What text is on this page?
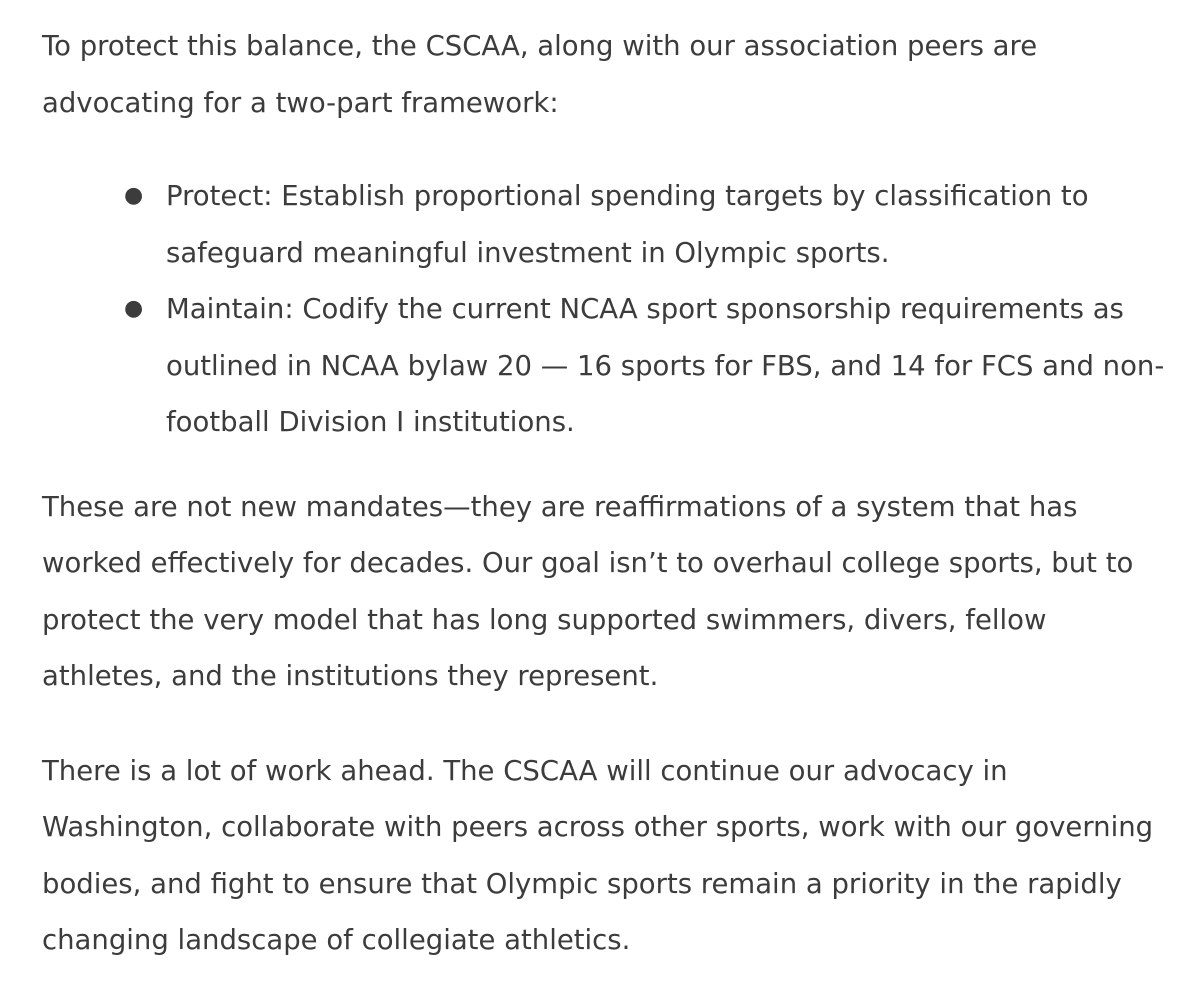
To protect this balance, the CSCAA, along with our association peers are advocating for a two-part framework:

● Protect: Establish proportional spending targets by classification to safeguard meaningful investment in Olympic sports.
● Maintain: Codify the current NCAA sport sponsorship requirements as outlined in NCAA bylaw 20 — 16 sports for FBS, and 14 for FCS and non-football Division I institutions.

These are not new mandates—they are reaffirmations of a system that has worked effectively for decades. Our goal isn’t to overhaul college sports, but to protect the very model that has long supported swimmers, divers, fellow athletes, and the institutions they represent.

There is a lot of work ahead. The CSCAA will continue our advocacy in Washington, collaborate with peers across other sports, work with our governing bodies, and fight to ensure that Olympic sports remain a priority in the rapidly changing landscape of collegiate athletics.
